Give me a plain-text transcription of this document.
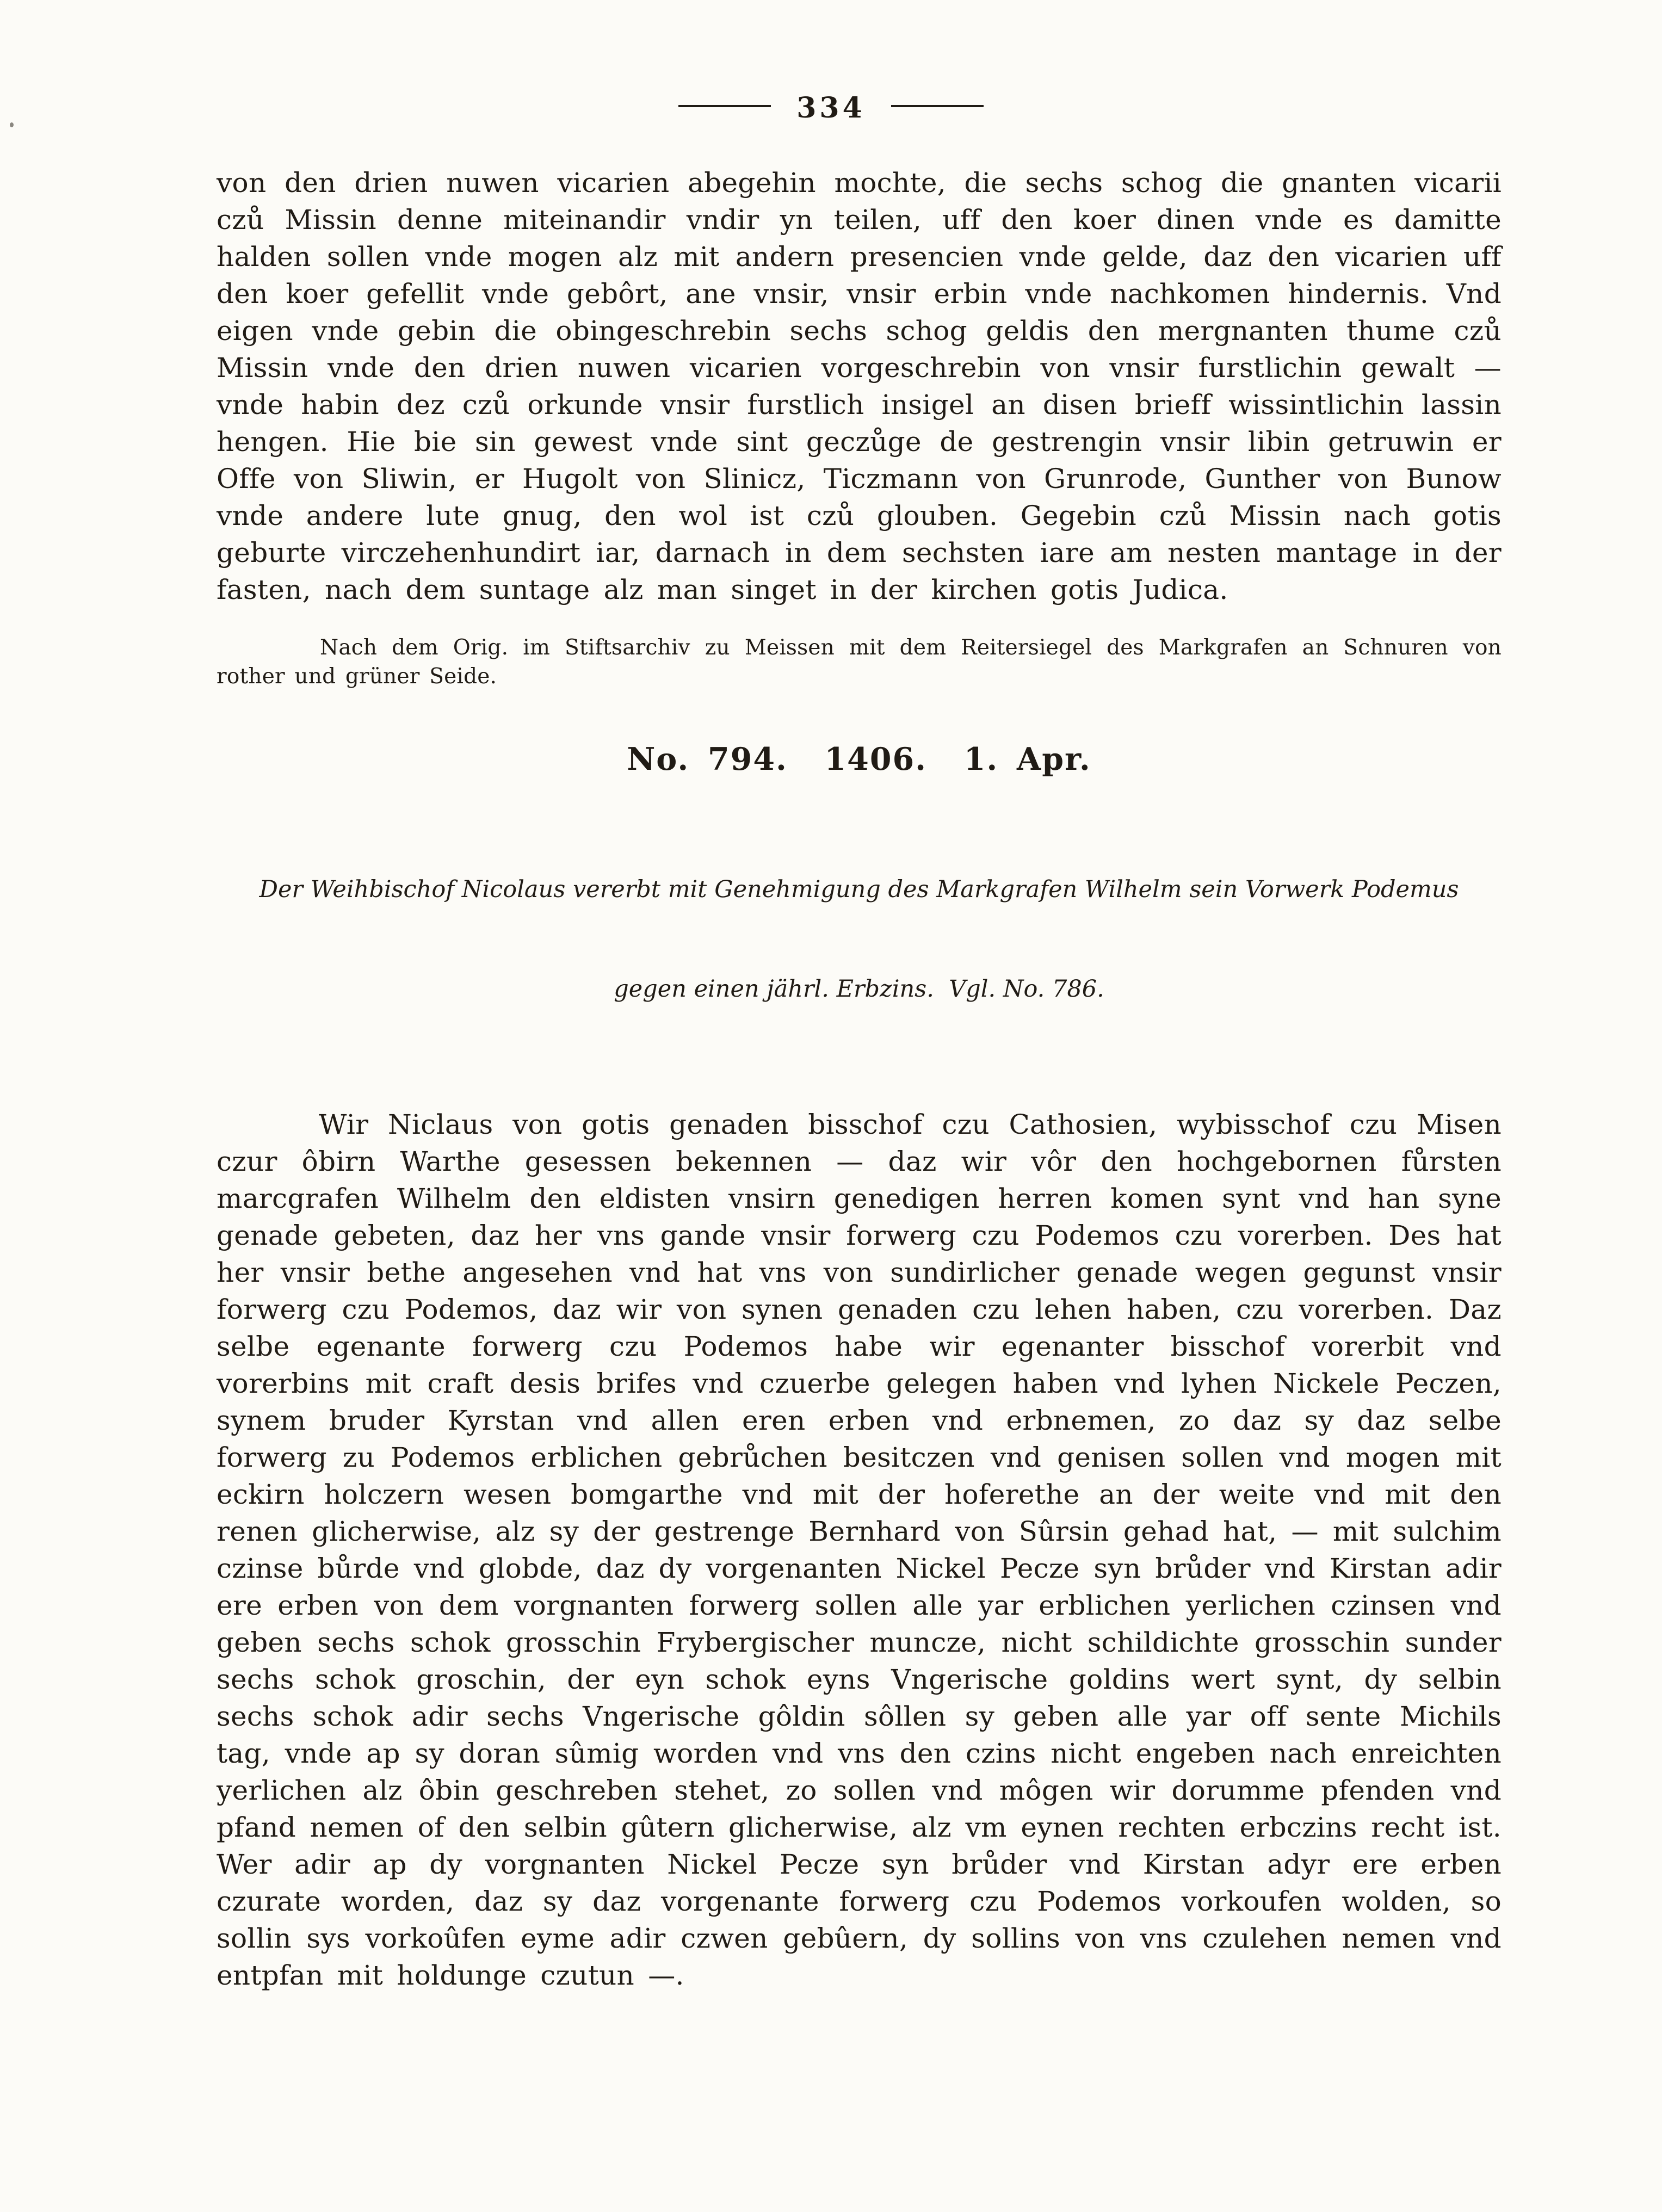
334

von den drien nuwen vicarien abegehin mochte, die sechs schog die gnanten vicarii czů Missin denne miteinandir vndir yn teilen, uff den koer dinen vnde es damitte halden sollen vnde mogen alz mit andern presencien vnde gelde, daz den vicarien uff den koer gefellit vnde gebôrt, ane vnsir, vnsir erbin vnde nachkomen hindernis. Vnd eigen vnde gebin die obingeschrebin sechs schog geldis den mergnanten thume czů Missin vnde den drien nuwen vicarien vorgeschrebin von vnsir furstlichin gewalt — vnde habin dez czů orkunde vnsir furstlich insigel an disen brieff wissintlichin lassin hengen. Hie bie sin gewest vnde sint geczůge de gestrengin vnsir libin getruwin er Offe von Sliwin, er Hugolt von Slinicz, Ticzmann von Grunrode, Gunther von Bunow vnde andere lute gnug, den wol ist czů glouben. Gegebin czů Missin nach gotis geburte virczehenhundirt iar, darnach in dem sechsten iare am nesten mantage in der fasten, nach dem suntage alz man singet in der kirchen gotis Judica.

Nach dem Orig. im Stiftsarchiv zu Meissen mit dem Reitersiegel des Markgrafen an Schnuren von rother und grüner Seide.

No. 794.  1406.  1. Apr.

Der Weihbischof Nicolaus vererbt mit Genehmigung des Markgrafen Wilhelm sein Vorwerk Podemus

gegen einen jährl. Erbzins.  Vgl. No. 786.

Wir Niclaus von gotis genaden bisschof czu Cathosien, wybisschof czu Misen czur ôbirn Warthe gesessen bekennen — daz wir vôr den hochgebornen fůrsten marcgrafen Wilhelm den eldisten vnsirn genedigen herren komen synt vnd han syne genade gebeten, daz her vns gande vnsir forwerg czu Podemos czu vorerben. Des hat her vnsir bethe angesehen vnd hat vns von sundirlicher genade wegen gegunst vnsir forwerg czu Podemos, daz wir von synen genaden czu lehen haben, czu vorerben. Daz selbe egenante forwerg czu Podemos habe wir egenanter bisschof vorerbit vnd vorerbins mit craft desis brifes vnd czuerbe gelegen haben vnd lyhen Nickele Peczen, synem bruder Kyrstan vnd allen eren erben vnd erbnemen, zo daz sy daz selbe forwerg zu Podemos erblichen gebrůchen besitczen vnd genisen sollen vnd mogen mit eckirn holczern wesen bomgarthe vnd mit der hoferethe an der weite vnd mit den renen glicherwise, alz sy der gestrenge Bernhard von Sûrsin gehad hat, — mit sulchim czinse bůrde vnd globde, daz dy vorgenanten Nickel Pecze syn brůder vnd Kirstan adir ere erben von dem vorgnanten forwerg sollen alle yar erblichen yerlichen czinsen vnd geben sechs schok grosschin Frybergischer muncze, nicht schildichte grosschin sunder sechs schok groschin, der eyn schok eyns Vngerische goldins wert synt, dy selbin sechs schok adir sechs Vngerische gôldin sôllen sy geben alle yar off sente Michils tag, vnde ap sy doran sûmig worden vnd vns den czins nicht engeben nach enreichten yerlichen alz ôbin geschreben stehet, zo sollen vnd môgen wir dorumme pfenden vnd pfand nemen of den selbin gûtern glicherwise, alz vm eynen rechten erbczins recht ist. Wer adir ap dy vorgnanten Nickel Pecze syn brůder vnd Kirstan adyr ere erben czurate worden, daz sy daz vorgenante forwerg czu Podemos vorkoufen wolden, so sollin sys vorkoûfen eyme adir czwen gebûern, dy sollins von vns czulehen nemen vnd entpfan mit holdunge czutun —.
